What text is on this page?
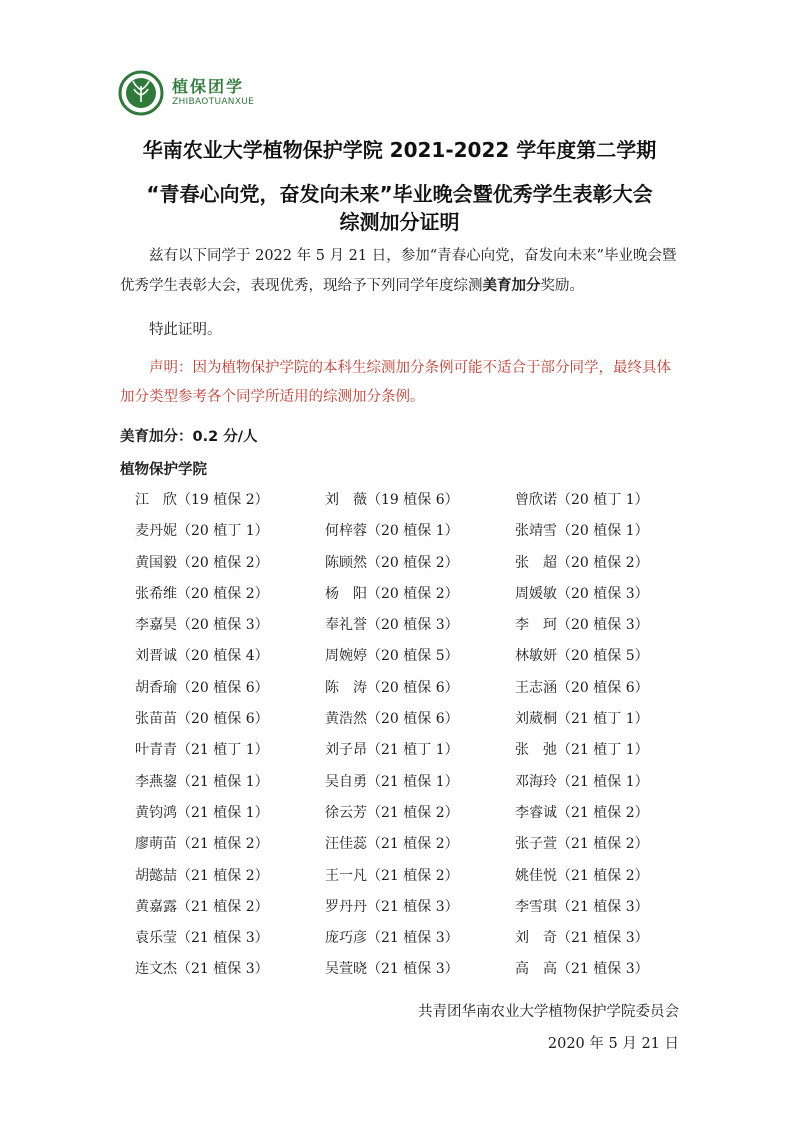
植保团学
ZHIBAOTUANXUE
华南农业大学植物保护学院 2021-2022 学年度第二学期
“青春心向党，奋发向未来”毕业晚会暨优秀学生表彰大会
综测加分证明
兹有以下同学于 2022 年 5 月 21 日，参加“青春心向党，奋发向未来”毕业晚会暨优秀学生表彰大会，表现优秀，现给予下列同学年度综测美育加分奖励。
特此证明。
声明：因为植物保护学院的本科生综测加分条例可能不适合于部分同学，最终具体加分类型参考各个同学所适用的综测加分条例。
美育加分：0.2 分/人
植物保护学院
江　欣（19 植保 2）	刘　薇（19 植保 6）	曾欣诺（20 植丁 1）
麦丹妮（20 植丁 1）	何梓蓉（20 植保 1）	张靖雪（20 植保 1）
黄国毅（20 植保 2）	陈顾然（20 植保 2）	张　超（20 植保 2）
张希维（20 植保 2）	杨　阳（20 植保 2）	周媛敏（20 植保 3）
李嘉昊（20 植保 3）	奉礼誉（20 植保 3）	李　珂（20 植保 3）
刘晋诚（20 植保 4）	周婉婷（20 植保 5）	林敏妍（20 植保 5）
胡香瑜（20 植保 6）	陈　涛（20 植保 6）	王志涵（20 植保 6）
张苗苗（20 植保 6）	黄浩然（20 植保 6）	刘葳桐（21 植丁 1）
叶青青（21 植丁 1）	刘子昂（21 植丁 1）	张　弛（21 植丁 1）
李燕鋆（21 植保 1）	吴自勇（21 植保 1）	邓海玲（21 植保 1）
黄钧鸿（21 植保 1）	徐云芳（21 植保 2）	李睿诚（21 植保 2）
廖萌苗（21 植保 2）	汪佳蕊（21 植保 2）	张子萱（21 植保 2）
胡懿喆（21 植保 2）	王一凡（21 植保 2）	姚佳悦（21 植保 2）
黄嘉露（21 植保 2）	罗丹丹（21 植保 3）	李雪琪（21 植保 3）
袁乐莹（21 植保 3）	庞巧彦（21 植保 3）	刘　奇（21 植保 3）
连文杰（21 植保 3）	吴萱晓（21 植保 3）	高　高（21 植保 3）
共青团华南农业大学植物保护学院委员会
2020 年 5 月 21 日
